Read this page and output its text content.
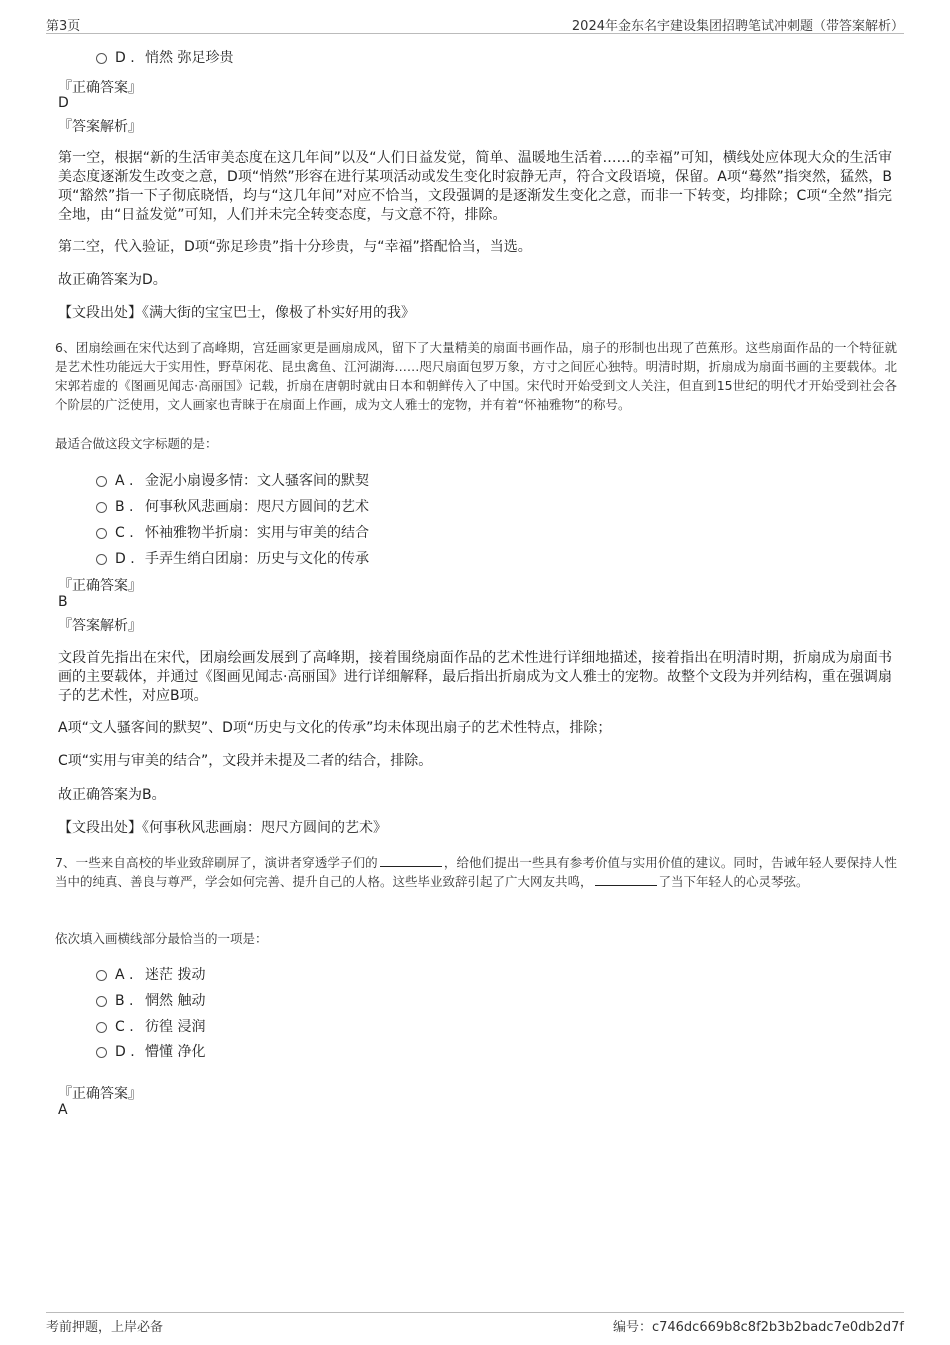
第3页	2024年金东名宇建设集团招聘笔试冲刺题（带答案解析）
D . 悄然 弥足珍贵
『正确答案』
D
『答案解析』
第一空，根据“新的生活审美态度在这几年间”以及“人们日益发觉，简单、温暖地生活着……的幸福”可知，横线处应体现大众的生活审美态度逐渐发生改变之意，D项“悄然”形容在进行某项活动或发生变化时寂静无声，符合文段语境，保留。A项“蓦然”指突然，猛然，B项“豁然”指一下子彻底晓悟，均与“这几年间”对应不恰当，文段强调的是逐渐发生变化之意，而非一下转变，均排除；C项“全然”指完全地，由“日益发觉”可知，人们并未完全转变态度，与文意不符，排除。
第二空，代入验证，D项“弥足珍贵”指十分珍贵，与“幸福”搭配恰当，当选。
故正确答案为D。
【文段出处】《满大街的宝宝巴士，像极了朴实好用的我》
6、团扇绘画在宋代达到了高峰期，宫廷画家更是画扇成风，留下了大量精美的扇面书画作品，扇子的形制也出现了芭蕉形。这些扇面作品的一个特征就是艺术性功能远大于实用性，野草闲花、昆虫禽鱼、江河湖海……咫尺扇面包罗万象，方寸之间匠心独特。明清时期，折扇成为扇面书画的主要载体。北宋郭若虚的《图画见闻志·高丽国》记载，折扇在唐朝时就由日本和朝鲜传入了中国。宋代时开始受到文人关注，但直到15世纪的明代才开始受到社会各个阶层的广泛使用，文人画家也青睐于在扇面上作画，成为文人雅士的宠物，并有着“怀袖雅物”的称号。
最适合做这段文字标题的是：
A . 金泥小扇谩多情：文人骚客间的默契
B . 何事秋风悲画扇：咫尺方圆间的艺术
C . 怀袖雅物半折扇：实用与审美的结合
D . 手弄生绡白团扇：历史与文化的传承
『正确答案』
B
『答案解析』
文段首先指出在宋代，团扇绘画发展到了高峰期，接着围绕扇面作品的艺术性进行详细地描述，接着指出在明清时期，折扇成为扇面书画的主要载体，并通过《图画见闻志·高丽国》进行详细解释，最后指出折扇成为文人雅士的宠物。故整个文段为并列结构，重在强调扇子的艺术性，对应B项。
A项“文人骚客间的默契”、D项“历史与文化的传承”均未体现出扇子的艺术性特点，排除；
C项“实用与审美的结合”，文段并未提及二者的结合，排除。
故正确答案为B。
【文段出处】《何事秋风悲画扇：咫尺方圆间的艺术》
7、一些来自高校的毕业致辞刷屏了，演讲者穿透学子们的	，给他们提出一些具有参考价值与实用价值的建议。同时，告诫年轻人要保持人性当中的纯真、善良与尊严，学会如何完善、提升自己的人格。这些毕业致辞引起了广大网友共鸣，	了当下年轻人的心灵琴弦。
依次填入画横线部分最恰当的一项是：
A . 迷茫 拨动
B . 惘然 触动
C . 彷徨 浸润
D . 懵懂 净化
『正确答案』
A
考前押题，上岸必备	编号：c746dc669b8c8f2b3b2badc7e0db2d7f
